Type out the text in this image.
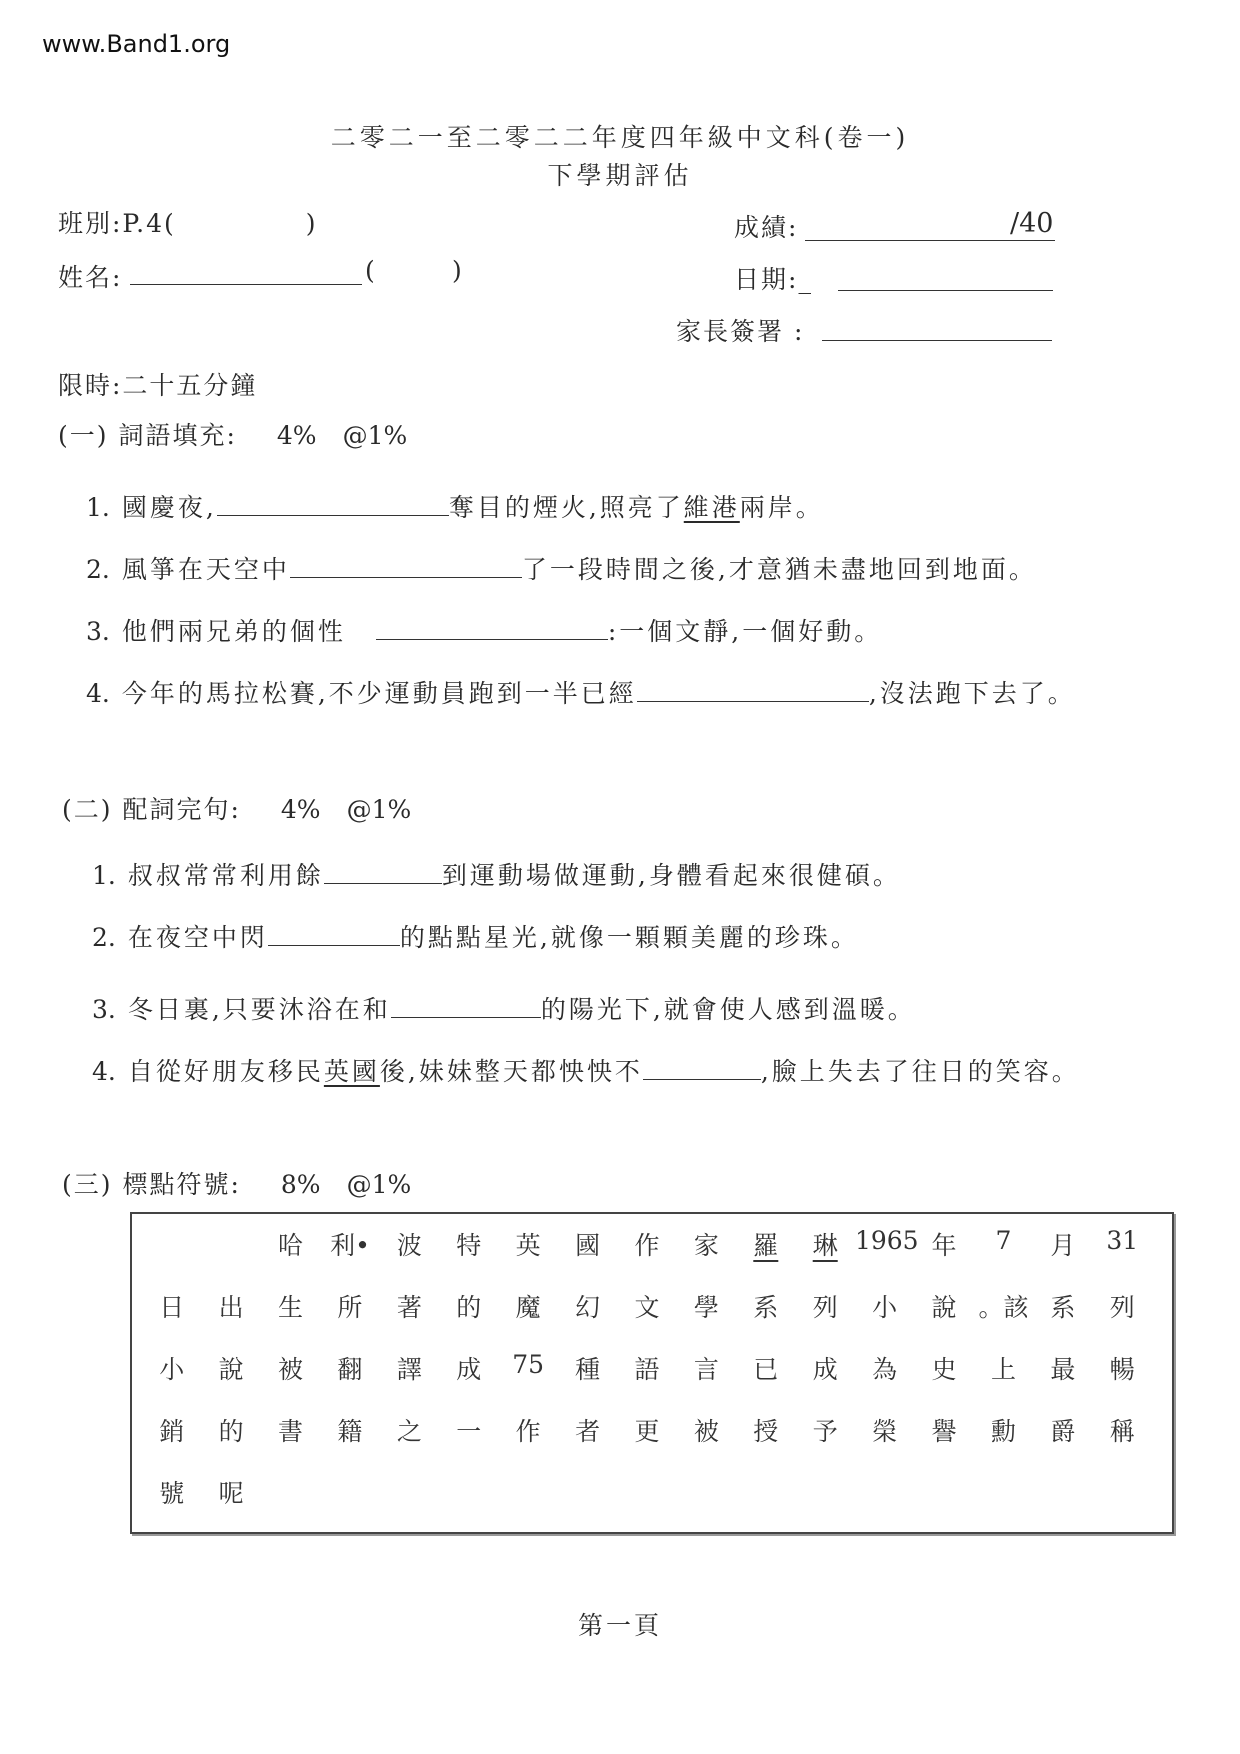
www.Band1.org
二零二一至二零二二年度四年級中文科(卷一)
下學期評估
班別:P.4(	)	成績:	/40
姓名:	(	)	日期:_
家長簽署 :
限時:二十五分鐘
(一) 詞語填充: 4% @1%
1. 國慶夜,	奪目的煙火,照亮了維港兩岸。
2. 風箏在天空中	了一段時間之後,才意猶未盡地回到地面。
3. 他們兩兄弟的個性	:一個文靜,一個好動。
4. 今年的馬拉松賽,不少運動員跑到一半已經	,沒法跑下去了。
(二) 配詞完句: 4% @1%
1. 叔叔常常利用餘	到運動場做運動,身體看起來很健碩。
2. 在夜空中閃	的點點星光,就像一顆顆美麗的珍珠。
3. 冬日裏,只要沐浴在和	的陽光下,就會使人感到溫暖。
4. 自從好朋友移民英國後,妹妹整天都怏怏不	,臉上失去了往日的笑容。
(三) 標點符號: 8% @1%
哈	利•	波	特	英	國	作	家	羅	琳 1965 年	7	月	31
日	出	生	所	著	的	魔	幻	文	學	系	列	小	說 。該 系	列
小	說	被	翻	譯	成	75	種	語	言	已	成	為	史	上	最	暢
銷	的	書	籍	之	一	作	者	更	被	授	予	榮	譽	勳	爵	稱
號	呢
第一頁
